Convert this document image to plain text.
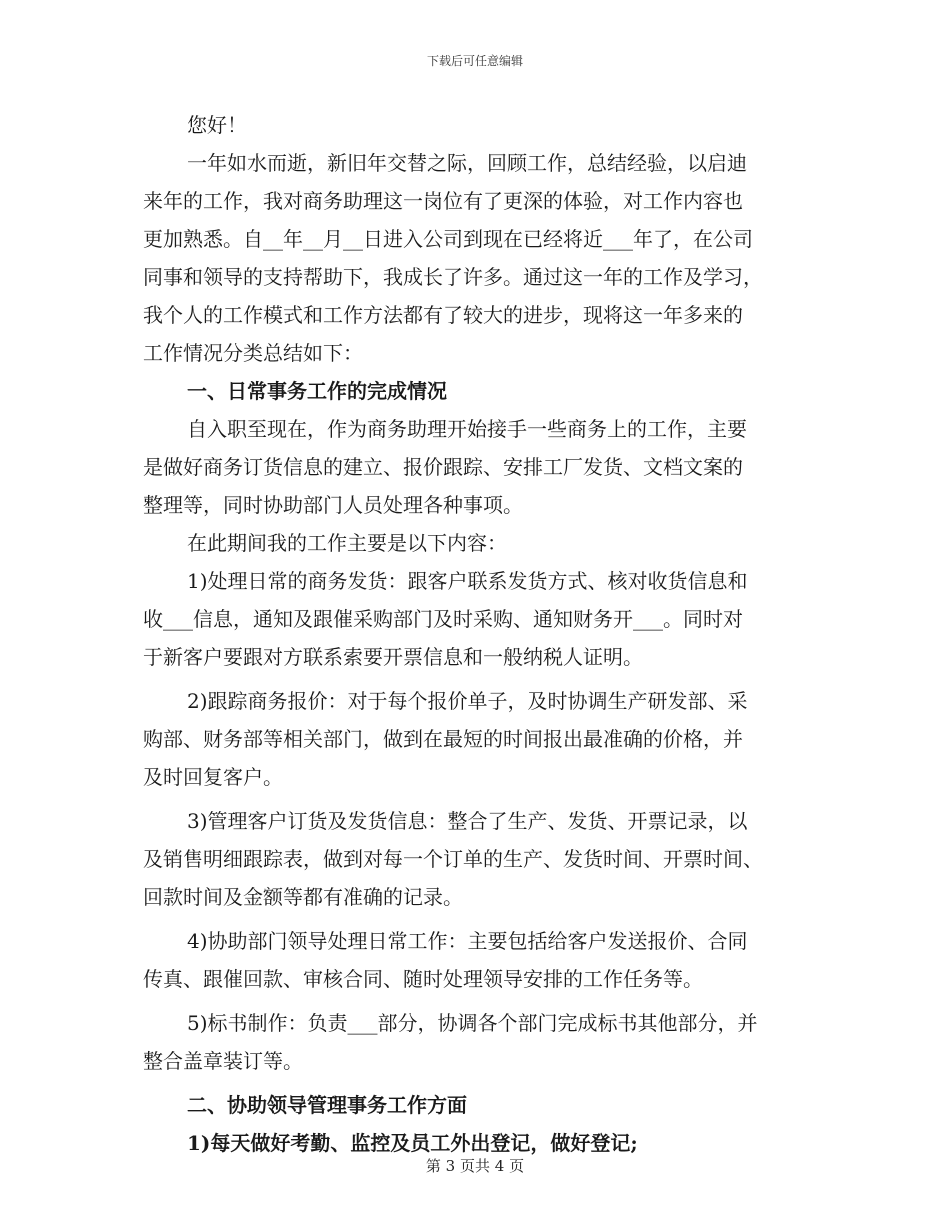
下载后可任意编辑
您好！
一年如水而逝，新旧年交替之际，回顾工作，总结经验，以启迪
来年的工作，我对商务助理这一岗位有了更深的体验，对工作内容也
更加熟悉。自__年__月__日进入公司到现在已经将近___年了，在公司
同事和领导的支持帮助下，我成长了许多。通过这一年的工作及学习，
我个人的工作模式和工作方法都有了较大的进步，现将这一年多来的
工作情况分类总结如下：
一、日常事务工作的完成情况
自入职至现在，作为商务助理开始接手一些商务上的工作，主要
是做好商务订货信息的建立、报价跟踪、安排工厂发货、文档文案的
整理等，同时协助部门人员处理各种事项。
在此期间我的工作主要是以下内容：
1)处理日常的商务发货：跟客户联系发货方式、核对收货信息和
收___信息，通知及跟催采购部门及时采购、通知财务开___。同时对
于新客户要跟对方联系索要开票信息和一般纳税人证明。
2)跟踪商务报价：对于每个报价单子，及时协调生产研发部、采
购部、财务部等相关部门，做到在最短的时间报出最准确的价格，并
及时回复客户。
3)管理客户订货及发货信息：整合了生产、发货、开票记录，以
及销售明细跟踪表，做到对每一个订单的生产、发货时间、开票时间、
回款时间及金额等都有准确的记录。
4)协助部门领导处理日常工作：主要包括给客户发送报价、合同
传真、跟催回款、审核合同、随时处理领导安排的工作任务等。
5)标书制作：负责___部分，协调各个部门完成标书其他部分，并
整合盖章装订等。
二、协助领导管理事务工作方面
1)每天做好考勤、监控及员工外出登记，做好登记;
第 3 页共 4 页
